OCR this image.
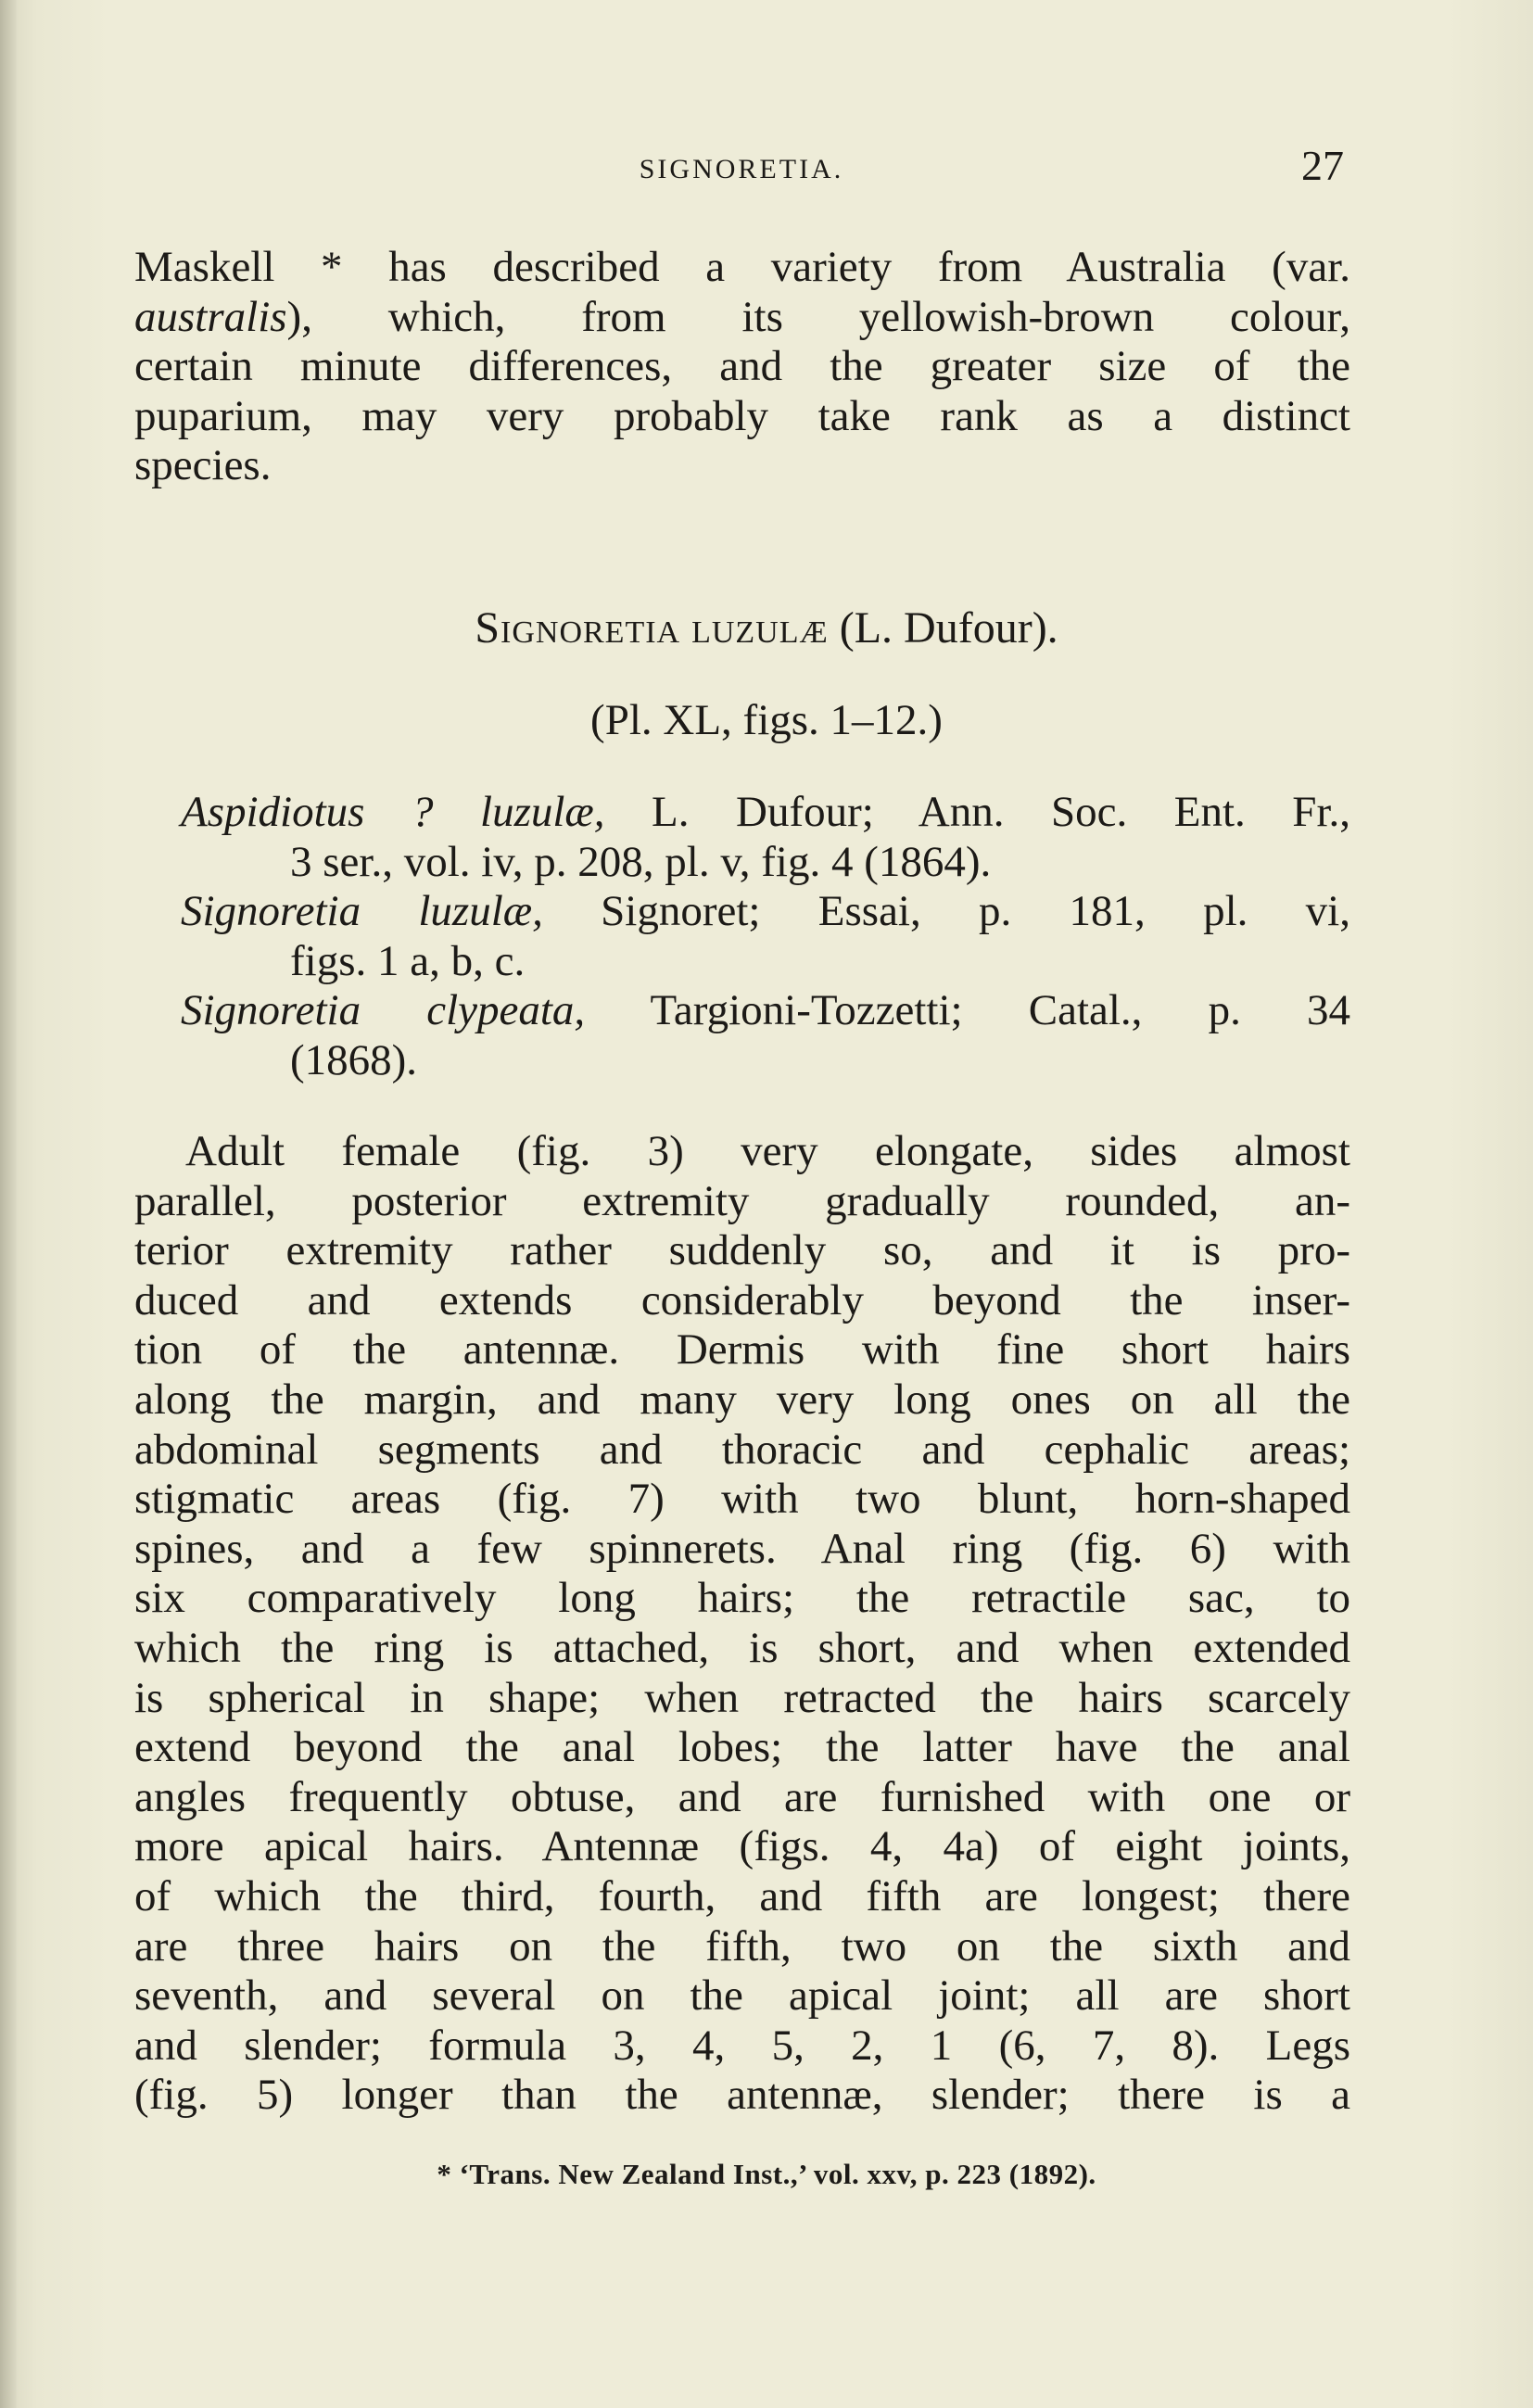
SIGNORETIA.	27
Maskell * has described a variety from Australia (var.
australis), which, from its yellowish-brown colour,
certain minute differences, and the greater size of the
puparium, may very probably take rank as a distinct
species.
Signoretia luzulæ (L. Dufour).
(Pl. XL, figs. 1–12.)
Aspidiotus ? luzulæ, L. Dufour; Ann. Soc. Ent. Fr.,
3 ser., vol. iv, p. 208, pl. v, fig. 4 (1864).
Signoretia luzulæ, Signoret; Essai, p. 181, pl. vi,
figs. 1 a, b, c.
Signoretia clypeata, Targioni-Tozzetti; Catal., p. 34
(1868).
Adult female (fig. 3) very elongate, sides almost
parallel, posterior extremity gradually rounded, an-
terior extremity rather suddenly so, and it is pro-
duced and extends considerably beyond the inser-
tion of the antennæ. Dermis with fine short hairs
along the margin, and many very long ones on all the
abdominal segments and thoracic and cephalic areas;
stigmatic areas (fig. 7) with two blunt, horn-shaped
spines, and a few spinnerets. Anal ring (fig. 6) with
six comparatively long hairs; the retractile sac, to
which the ring is attached, is short, and when extended
is spherical in shape; when retracted the hairs scarcely
extend beyond the anal lobes; the latter have the anal
angles frequently obtuse, and are furnished with one or
more apical hairs. Antennæ (figs. 4, 4a) of eight joints,
of which the third, fourth, and fifth are longest; there
are three hairs on the fifth, two on the sixth and
seventh, and several on the apical joint; all are short
and slender; formula 3, 4, 5, 2, 1 (6, 7, 8). Legs
(fig. 5) longer than the antennæ, slender; there is a
* ‘Trans. New Zealand Inst.,’ vol. xxv, p. 223 (1892).
